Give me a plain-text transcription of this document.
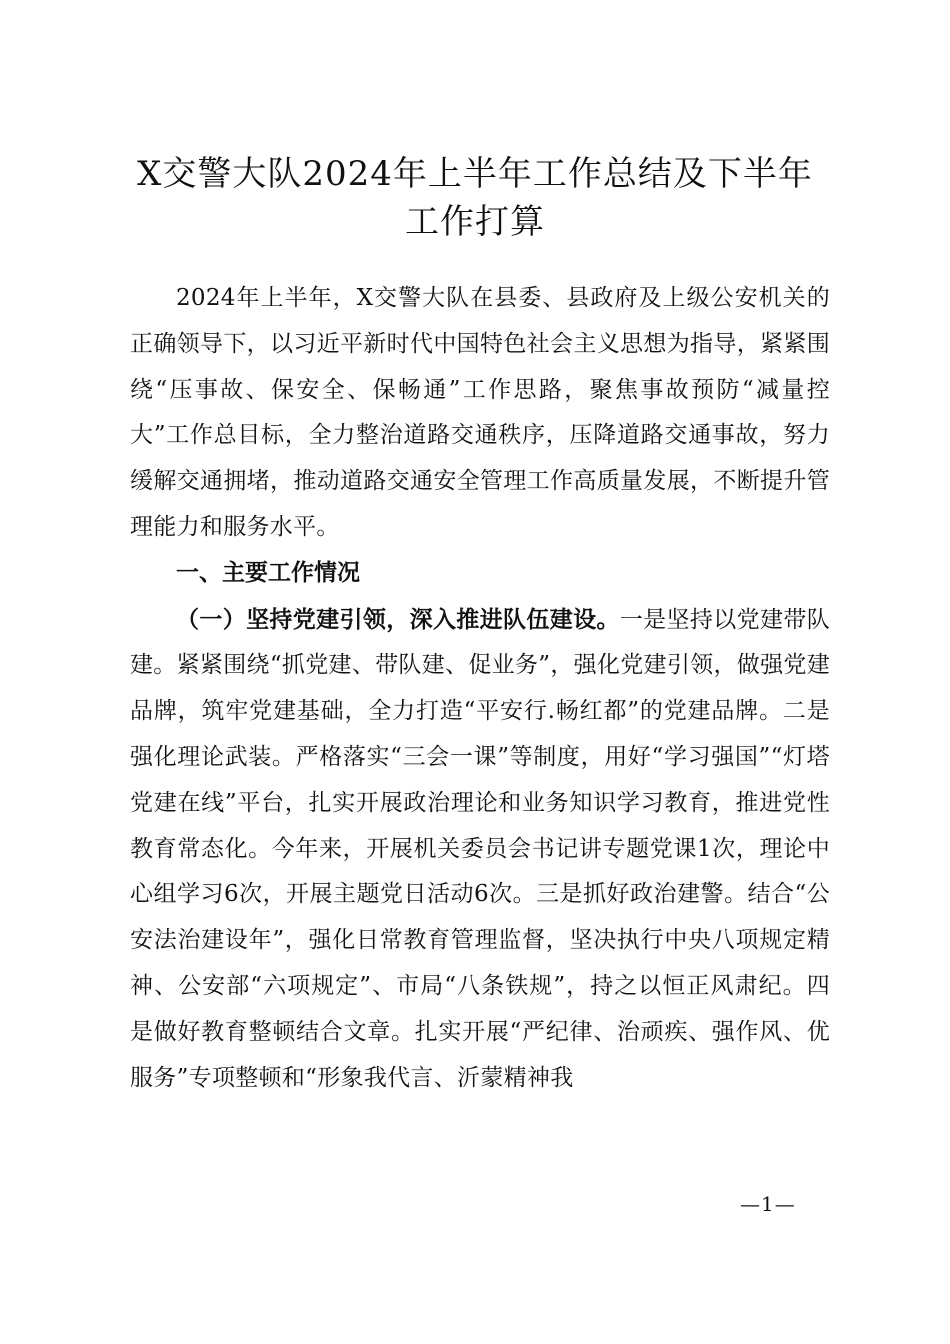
X交警大队2024年上半年工作总结及下半年
工作打算

2024年上半年，X交警大队在县委、县政府及上级公安机关的正确领导下，以习近平新时代中国特色社会主义思想为指导，紧紧围绕“压事故、保安全、保畅通”工作思路，聚焦事故预防“减量控大”工作总目标，全力整治道路交通秩序，压降道路交通事故，努力缓解交通拥堵，推动道路交通安全管理工作高质量发展，不断提升管理能力和服务水平。

一、主要工作情况

（一）坚持党建引领，深入推进队伍建设。一是坚持以党建带队建。紧紧围绕“抓党建、带队建、促业务”，强化党建引领，做强党建品牌，筑牢党建基础，全力打造“平安行.畅红都”的党建品牌。二是强化理论武装。严格落实“三会一课”等制度，用好“学习强国”“灯塔党建在线”平台，扎实开展政治理论和业务知识学习教育，推进党性教育常态化。今年来，开展机关委员会书记讲专题党课1次，理论中心组学习6次，开展主题党日活动6次。三是抓好政治建警。结合“公安法治建设年”，强化日常教育管理监督，坚决执行中央八项规定精神、公安部“六项规定”、市局“八条铁规”，持之以恒正风肃纪。四是做好教育整顿结合文章。扎实开展“严纪律、治顽疾、强作风、优服务”专项整顿和“形象我代言、沂蒙精神我

—1—
